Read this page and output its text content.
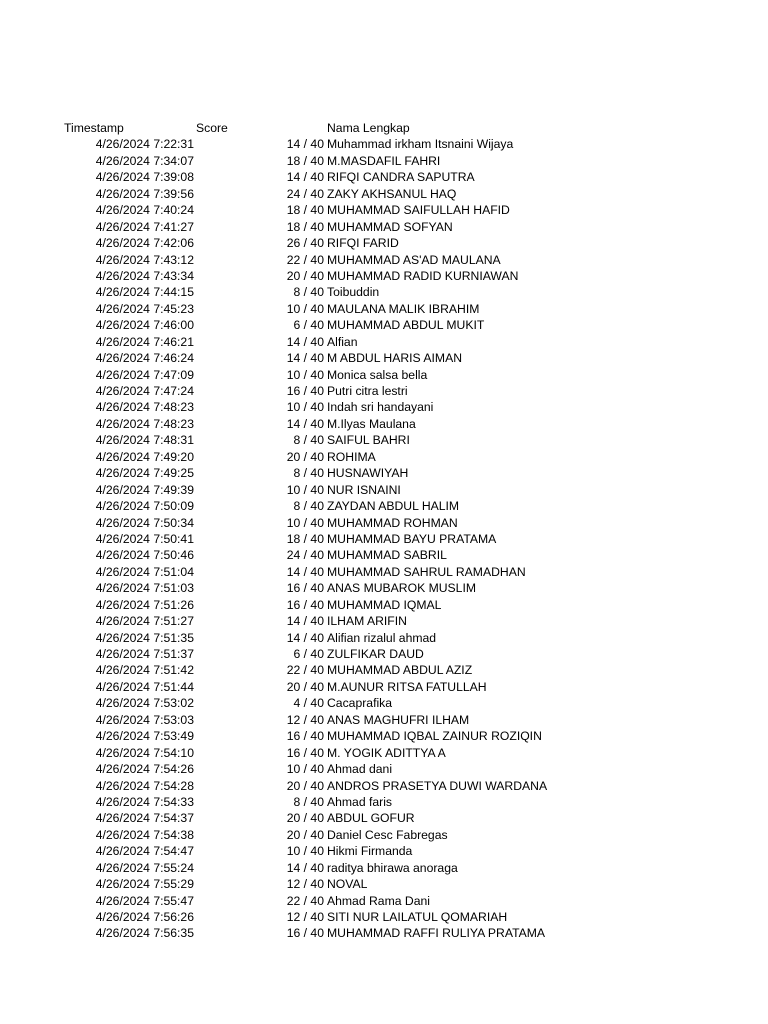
Timestamp	Score	Nama Lengkap
4/26/2024 7:22:31	14 / 40 Muhammad irkham Itsnaini Wijaya
4/26/2024 7:34:07	18 / 40 M.MASDAFIL FAHRI
4/26/2024 7:39:08	14 / 40 RIFQI CANDRA SAPUTRA
4/26/2024 7:39:56	24 / 40 ZAKY AKHSANUL HAQ
4/26/2024 7:40:24	18 / 40 MUHAMMAD SAIFULLAH HAFID
4/26/2024 7:41:27	18 / 40 MUHAMMAD SOFYAN
4/26/2024 7:42:06	26 / 40 RIFQI FARID
4/26/2024 7:43:12	22 / 40 MUHAMMAD AS'AD MAULANA
4/26/2024 7:43:34	20 / 40 MUHAMMAD RADID KURNIAWAN
4/26/2024 7:44:15	8 / 40 Toibuddin
4/26/2024 7:45:23	10 / 40 MAULANA MALIK IBRAHIM
4/26/2024 7:46:00	6 / 40 MUHAMMAD ABDUL MUKIT
4/26/2024 7:46:21	14 / 40 Alfian
4/26/2024 7:46:24	14 / 40 M ABDUL HARIS AIMAN
4/26/2024 7:47:09	10 / 40 Monica salsa bella
4/26/2024 7:47:24	16 / 40 Putri citra lestri
4/26/2024 7:48:23	10 / 40 Indah sri handayani
4/26/2024 7:48:23	14 / 40 M.Ilyas Maulana
4/26/2024 7:48:31	8 / 40 SAIFUL BAHRI
4/26/2024 7:49:20	20 / 40 ROHIMA
4/26/2024 7:49:25	8 / 40 HUSNAWIYAH
4/26/2024 7:49:39	10 / 40 NUR ISNAINI
4/26/2024 7:50:09	8 / 40 ZAYDAN ABDUL HALIM
4/26/2024 7:50:34	10 / 40 MUHAMMAD ROHMAN
4/26/2024 7:50:41	18 / 40 MUHAMMAD BAYU PRATAMA
4/26/2024 7:50:46	24 / 40 MUHAMMAD SABRIL
4/26/2024 7:51:04	14 / 40 MUHAMMAD SAHRUL RAMADHAN
4/26/2024 7:51:03	16 / 40 ANAS MUBAROK MUSLIM
4/26/2024 7:51:26	16 / 40 MUHAMMAD IQMAL
4/26/2024 7:51:27	14 / 40 ILHAM ARIFIN
4/26/2024 7:51:35	14 / 40 Alifian rizalul ahmad
4/26/2024 7:51:37	6 / 40 ZULFIKAR DAUD
4/26/2024 7:51:42	22 / 40 MUHAMMAD ABDUL AZIZ
4/26/2024 7:51:44	20 / 40 M.AUNUR RITSA FATULLAH
4/26/2024 7:53:02	4 / 40 Cacaprafika
4/26/2024 7:53:03	12 / 40 ANAS MAGHUFRI ILHAM
4/26/2024 7:53:49	16 / 40 MUHAMMAD IQBAL ZAINUR ROZIQIN
4/26/2024 7:54:10	16 / 40 M. YOGIK ADITTYA A
4/26/2024 7:54:26	10 / 40 Ahmad dani
4/26/2024 7:54:28	20 / 40 ANDROS PRASETYA DUWI WARDANA
4/26/2024 7:54:33	8 / 40 Ahmad faris
4/26/2024 7:54:37	20 / 40 ABDUL GOFUR
4/26/2024 7:54:38	20 / 40 Daniel Cesc Fabregas
4/26/2024 7:54:47	10 / 40 Hikmi Firmanda
4/26/2024 7:55:24	14 / 40 raditya bhirawa anoraga
4/26/2024 7:55:29	12 / 40 NOVAL
4/26/2024 7:55:47	22 / 40 Ahmad Rama Dani
4/26/2024 7:56:26	12 / 40 SITI NUR LAILATUL QOMARIAH
4/26/2024 7:56:35	16 / 40 MUHAMMAD RAFFI RULIYA PRATAMA
